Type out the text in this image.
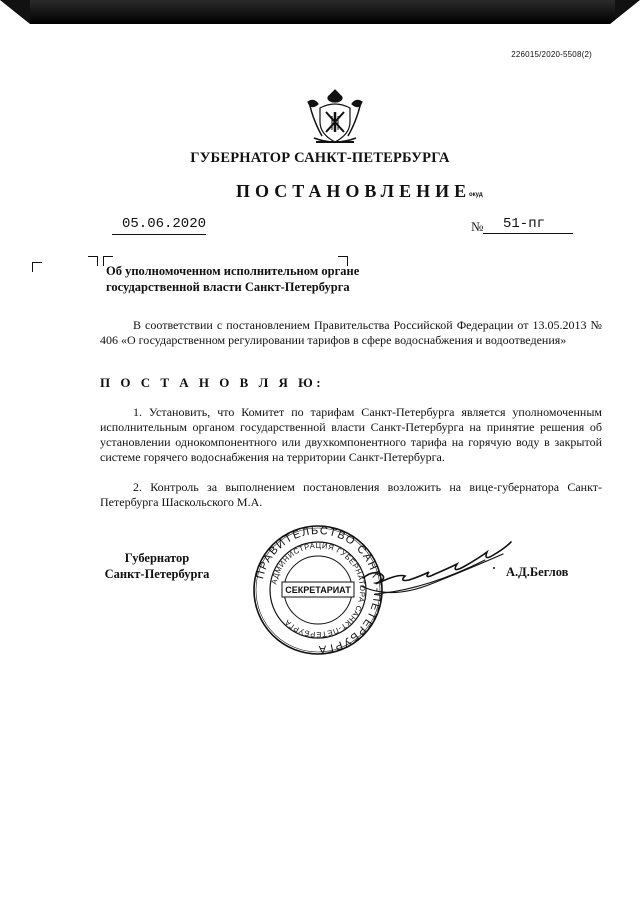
226015/2020-5508(2)
ГУБЕРНАТОР САНКТ-ПЕТЕРБУРГА
ПОСТАНОВЛЕНИЕ
окуд
05.06.2020	№	51-пг
Об уполномоченном исполнительном органе
государственной власти Санкт-Петербурга
В соответствии с постановлением Правительства Российской Федерации от 13.05.2013 № 406 «О государственном регулировании тарифов в сфере водоснабжения и водоотведения»
П О С Т А Н О В Л Я Ю:
1. Установить, что Комитет по тарифам Санкт-Петербурга является уполномоченным исполнительным органом государственной власти Санкт-Петербурга на принятие решения об установлении однокомпонентного или двухкомпонентного тарифа на горячую воду в закрытой системе горячего водоснабжения на территории Санкт-Петербурга.
2. Контроль за выполнением постановления возложить на вице-губернатора Санкт-Петербурга Шаскольского М.А.
Губернатор
Санкт-Петербурга	ПРАВИТЕЛЬСТВО САНКТ-ПЕТЕРБУРГА
АДМИНИСТРАЦИЯ ГУБЕРНАТОРА САНКТ-ПЕТЕРБУРГА
СЕКРЕТАРИАТ
А.Д.Беглов
